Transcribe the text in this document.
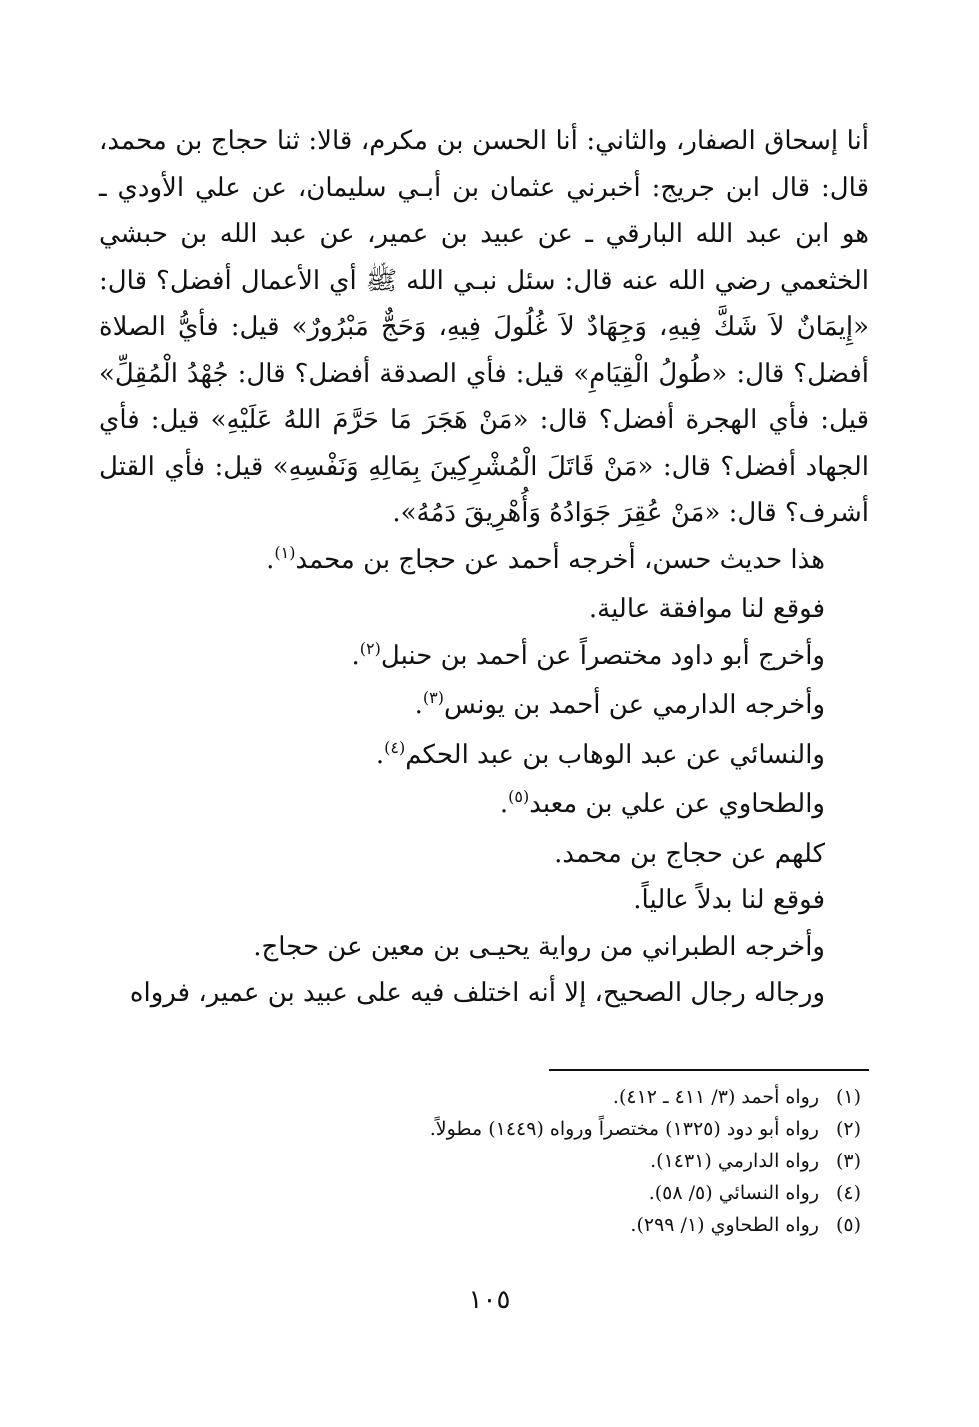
أنا إسحاق الصفار، والثاني: أنا الحسن بن مكرم، قالا: ثنا حجاج بن محمد، قال: قال ابن جريج: أخبرني عثمان بن أبـي سليمان، عن علي الأودي ـ هو ابن عبد الله البارقي ـ عن عبيد بن عمير، عن عبد الله بن حبشي الخثعمي رضي الله عنه قال: سئل نبـي الله ﷺ أي الأعمال أفضل؟ قال: «إِيمَانٌ لاَ شَكَّ فِيهِ، وَجِهَادٌ لاَ غُلُولَ فِيهِ، وَحَجٌّ مَبْرُورٌ» قيل: فأيُّ الصلاة أفضل؟ قال: «طُولُ الْقِيَامِ» قيل: فأي الصدقة أفضل؟ قال: جُهْدُ الْمُقِلِّ» قيل: فأي الهجرة أفضل؟ قال: «مَنْ هَجَرَ مَا حَرَّمَ اللهُ عَلَيْهِ» قيل: فأي الجهاد أفضل؟ قال: «مَنْ قَاتَلَ الْمُشْرِكِينَ بِمَالِهِ وَنَفْسِهِ» قيل: فأي القتل أشرف؟ قال: «مَنْ عُقِرَ جَوَادُهُ وَأُهْرِيقَ دَمُهُ».

هذا حديث حسن، أخرجه أحمد عن حجاج بن محمد$^{(١)}$.

فوقع لنا موافقة عالية.

وأخرج أبو داود مختصراً عن أحمد بن حنبل$^{(٢)}$.

وأخرجه الدارمي عن أحمد بن يونس$^{(٣)}$.

والنسائي عن عبد الوهاب بن عبد الحكم$^{(٤)}$.

والطحاوي عن علي بن معبد$^{(٥)}$.

كلهم عن حجاج بن محمد.

فوقع لنا بدلاً عالياً.

وأخرجه الطبراني من رواية يحيـى بن معين عن حجاج.

ورجاله رجال الصحيح، إلا أنه اختلف فيه على عبيد بن عمير، فرواه

(١)
رواه أحمد (٣/ ٤١١ ـ ٤١٢).
(٢)
رواه أبو دود (١٣٢٥) مختصراً ورواه (١٤٤٩) مطولاً.
(٣)
رواه الدارمي (١٤٣١).
(٤)
رواه النسائي (٥/ ٥٨).
(٥)
رواه الطحاوي (١/ ٢٩٩).
١٠٥
